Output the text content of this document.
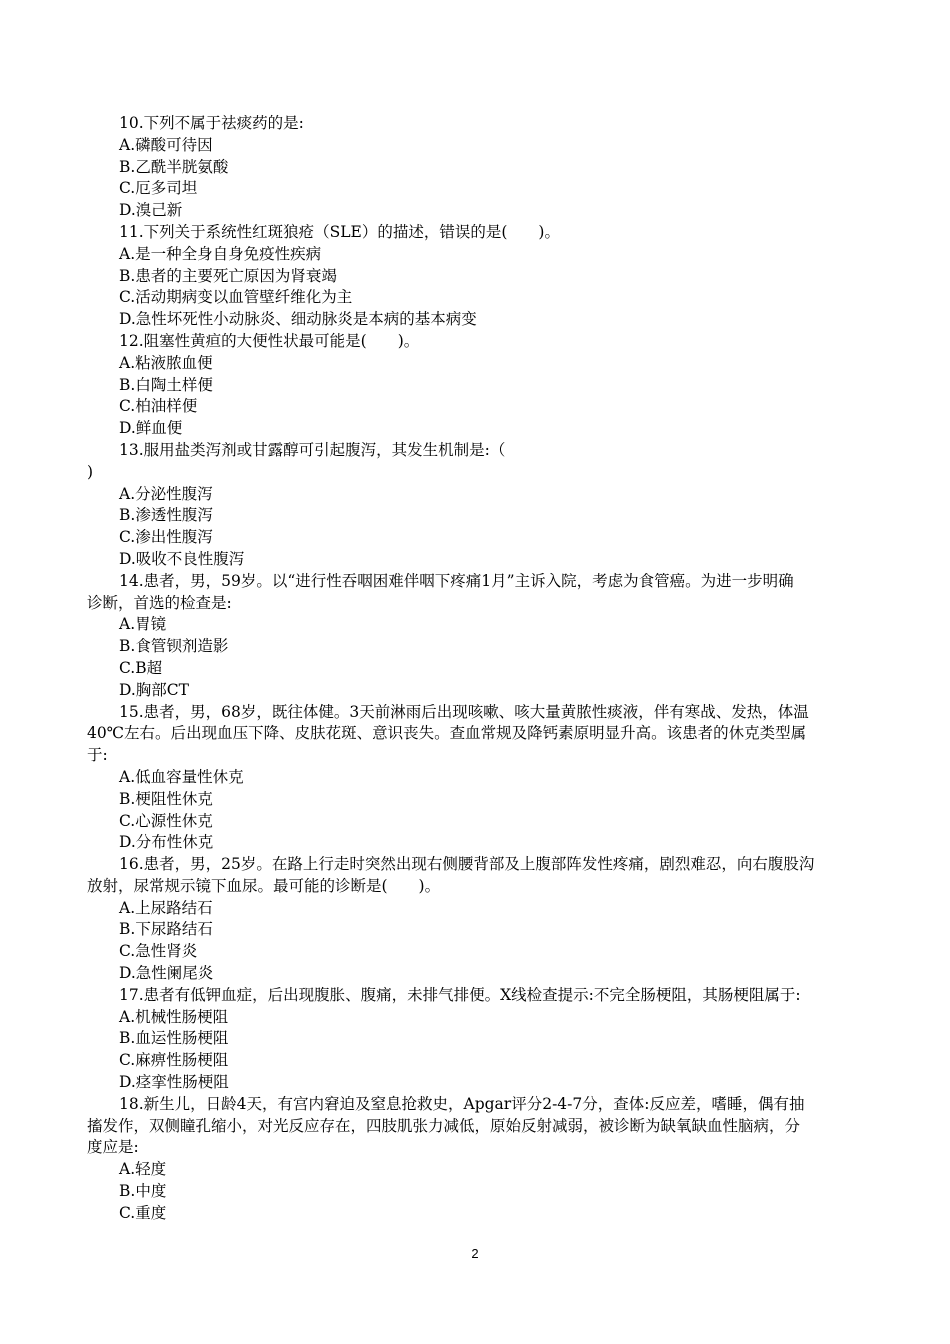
10.下列不属于祛痰药的是:
A.磷酸可待因
B.乙酰半胱氨酸
C.厄多司坦
D.溴己新
11.下列关于系统性红斑狼疮（SLE）的描述，错误的是(　　)。
A.是一种全身自身免疫性疾病
B.患者的主要死亡原因为肾衰竭
C.活动期病变以血管壁纤维化为主
D.急性坏死性小动脉炎、细动脉炎是本病的基本病变
12.阻塞性黄疸的大便性状最可能是(　　)。
A.粘液脓血便
B.白陶土样便
C.柏油样便
D.鲜血便
13.服用盐类泻剂或甘露醇可引起腹泻，其发生机制是:（
)
A.分泌性腹泻
B.渗透性腹泻
C.渗出性腹泻
D.吸收不良性腹泻
14.患者，男，59岁。以“进行性吞咽困难伴咽下疼痛1月”主诉入院，考虑为食管癌。为进一步明确
诊断，首选的检查是:
A.胃镜
B.食管钡剂造影
C.B超
D.胸部CT
15.患者，男，68岁，既往体健。3天前淋雨后出现咳嗽、咳大量黄脓性痰液，伴有寒战、发热，体温
40℃左右。后出现血压下降、皮肤花斑、意识丧失。查血常规及降钙素原明显升高。该患者的休克类型属
于:
A.低血容量性休克
B.梗阻性休克
C.心源性休克
D.分布性休克
16.患者，男，25岁。在路上行走时突然出现右侧腰背部及上腹部阵发性疼痛，剧烈难忍，向右腹股沟
放射，尿常规示镜下血尿。最可能的诊断是(　　)。
A.上尿路结石
B.下尿路结石
C.急性肾炎
D.急性阑尾炎
17.患者有低钾血症，后出现腹胀、腹痛，未排气排便。X线检查提示:不完全肠梗阻，其肠梗阻属于:
A.机械性肠梗阻
B.血运性肠梗阻
C.麻痹性肠梗阻
D.痉挛性肠梗阻
18.新生儿，日龄4天，有宫内窘迫及窒息抢救史，Apgar评分2-4-7分，查体:反应差，嗜睡，偶有抽
搐发作，双侧瞳孔缩小，对光反应存在，四肢肌张力减低，原始反射减弱，被诊断为缺氧缺血性脑病，分
度应是:
A.轻度
B.中度
C.重度
2
